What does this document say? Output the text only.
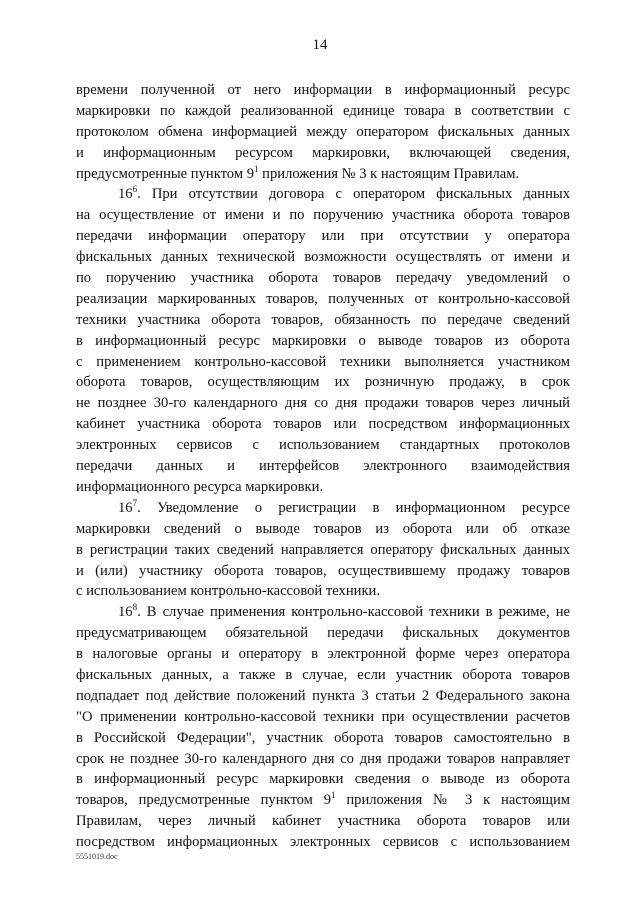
14
времени полученной от него информации в информационный ресурс
маркировки по каждой реализованной единице товара в соответствии с
протоколом обмена информацией между оператором фискальных данных
и информационным ресурсом маркировки, включающей сведения,
предусмотренные пунктом $9^1$ приложения № 3 к настоящим Правилам.
$16^6$. При отсутствии договора с оператором фискальных данных
на осуществление от имени и по поручению участника оборота товаров
передачи информации оператору или при отсутствии у оператора
фискальных данных технической возможности осуществлять от имени и
по поручению участника оборота товаров передачу уведомлений о
реализации маркированных товаров, полученных от контрольно-кассовой
техники участника оборота товаров, обязанность по передаче сведений
в информационный ресурс маркировки о выводе товаров из оборота
с применением контрольно-кассовой техники выполняется участником
оборота товаров, осуществляющим их розничную продажу, в срок
не позднее 30-го календарного дня со дня продажи товаров через личный
кабинет участника оборота товаров или посредством информационных
электронных сервисов с использованием стандартных протоколов
передачи данных и интерфейсов электронного взаимодействия
информационного ресурса маркировки.
$16^7$. Уведомление о регистрации в информационном ресурсе
маркировки сведений о выводе товаров из оборота или об отказе
в регистрации таких сведений направляется оператору фискальных данных
и (или) участнику оборота товаров, осуществившему продажу товаров
с использованием контрольно-кассовой техники.
$16^8$. В случае применения контрольно-кассовой техники в режиме, не
предусматривающем обязательной передачи фискальных документов
в налоговые органы и оператору в электронной форме через оператора
фискальных данных, а также в случае, если участник оборота товаров
подпадает под действие положений пункта 3 статьи 2 Федерального закона
"О применении контрольно-кассовой техники при осуществлении расчетов
в Российской Федерации", участник оборота товаров самостоятельно в
срок не позднее 30-го календарного дня со дня продажи товаров направляет
в информационный ресурс маркировки сведения о выводе из оборота
товаров, предусмотренные пунктом $9^1$ приложения № 3 к настоящим
Правилам, через личный кабинет участника оборота товаров или
посредством информационных электронных сервисов с использованием
5551019.doc
